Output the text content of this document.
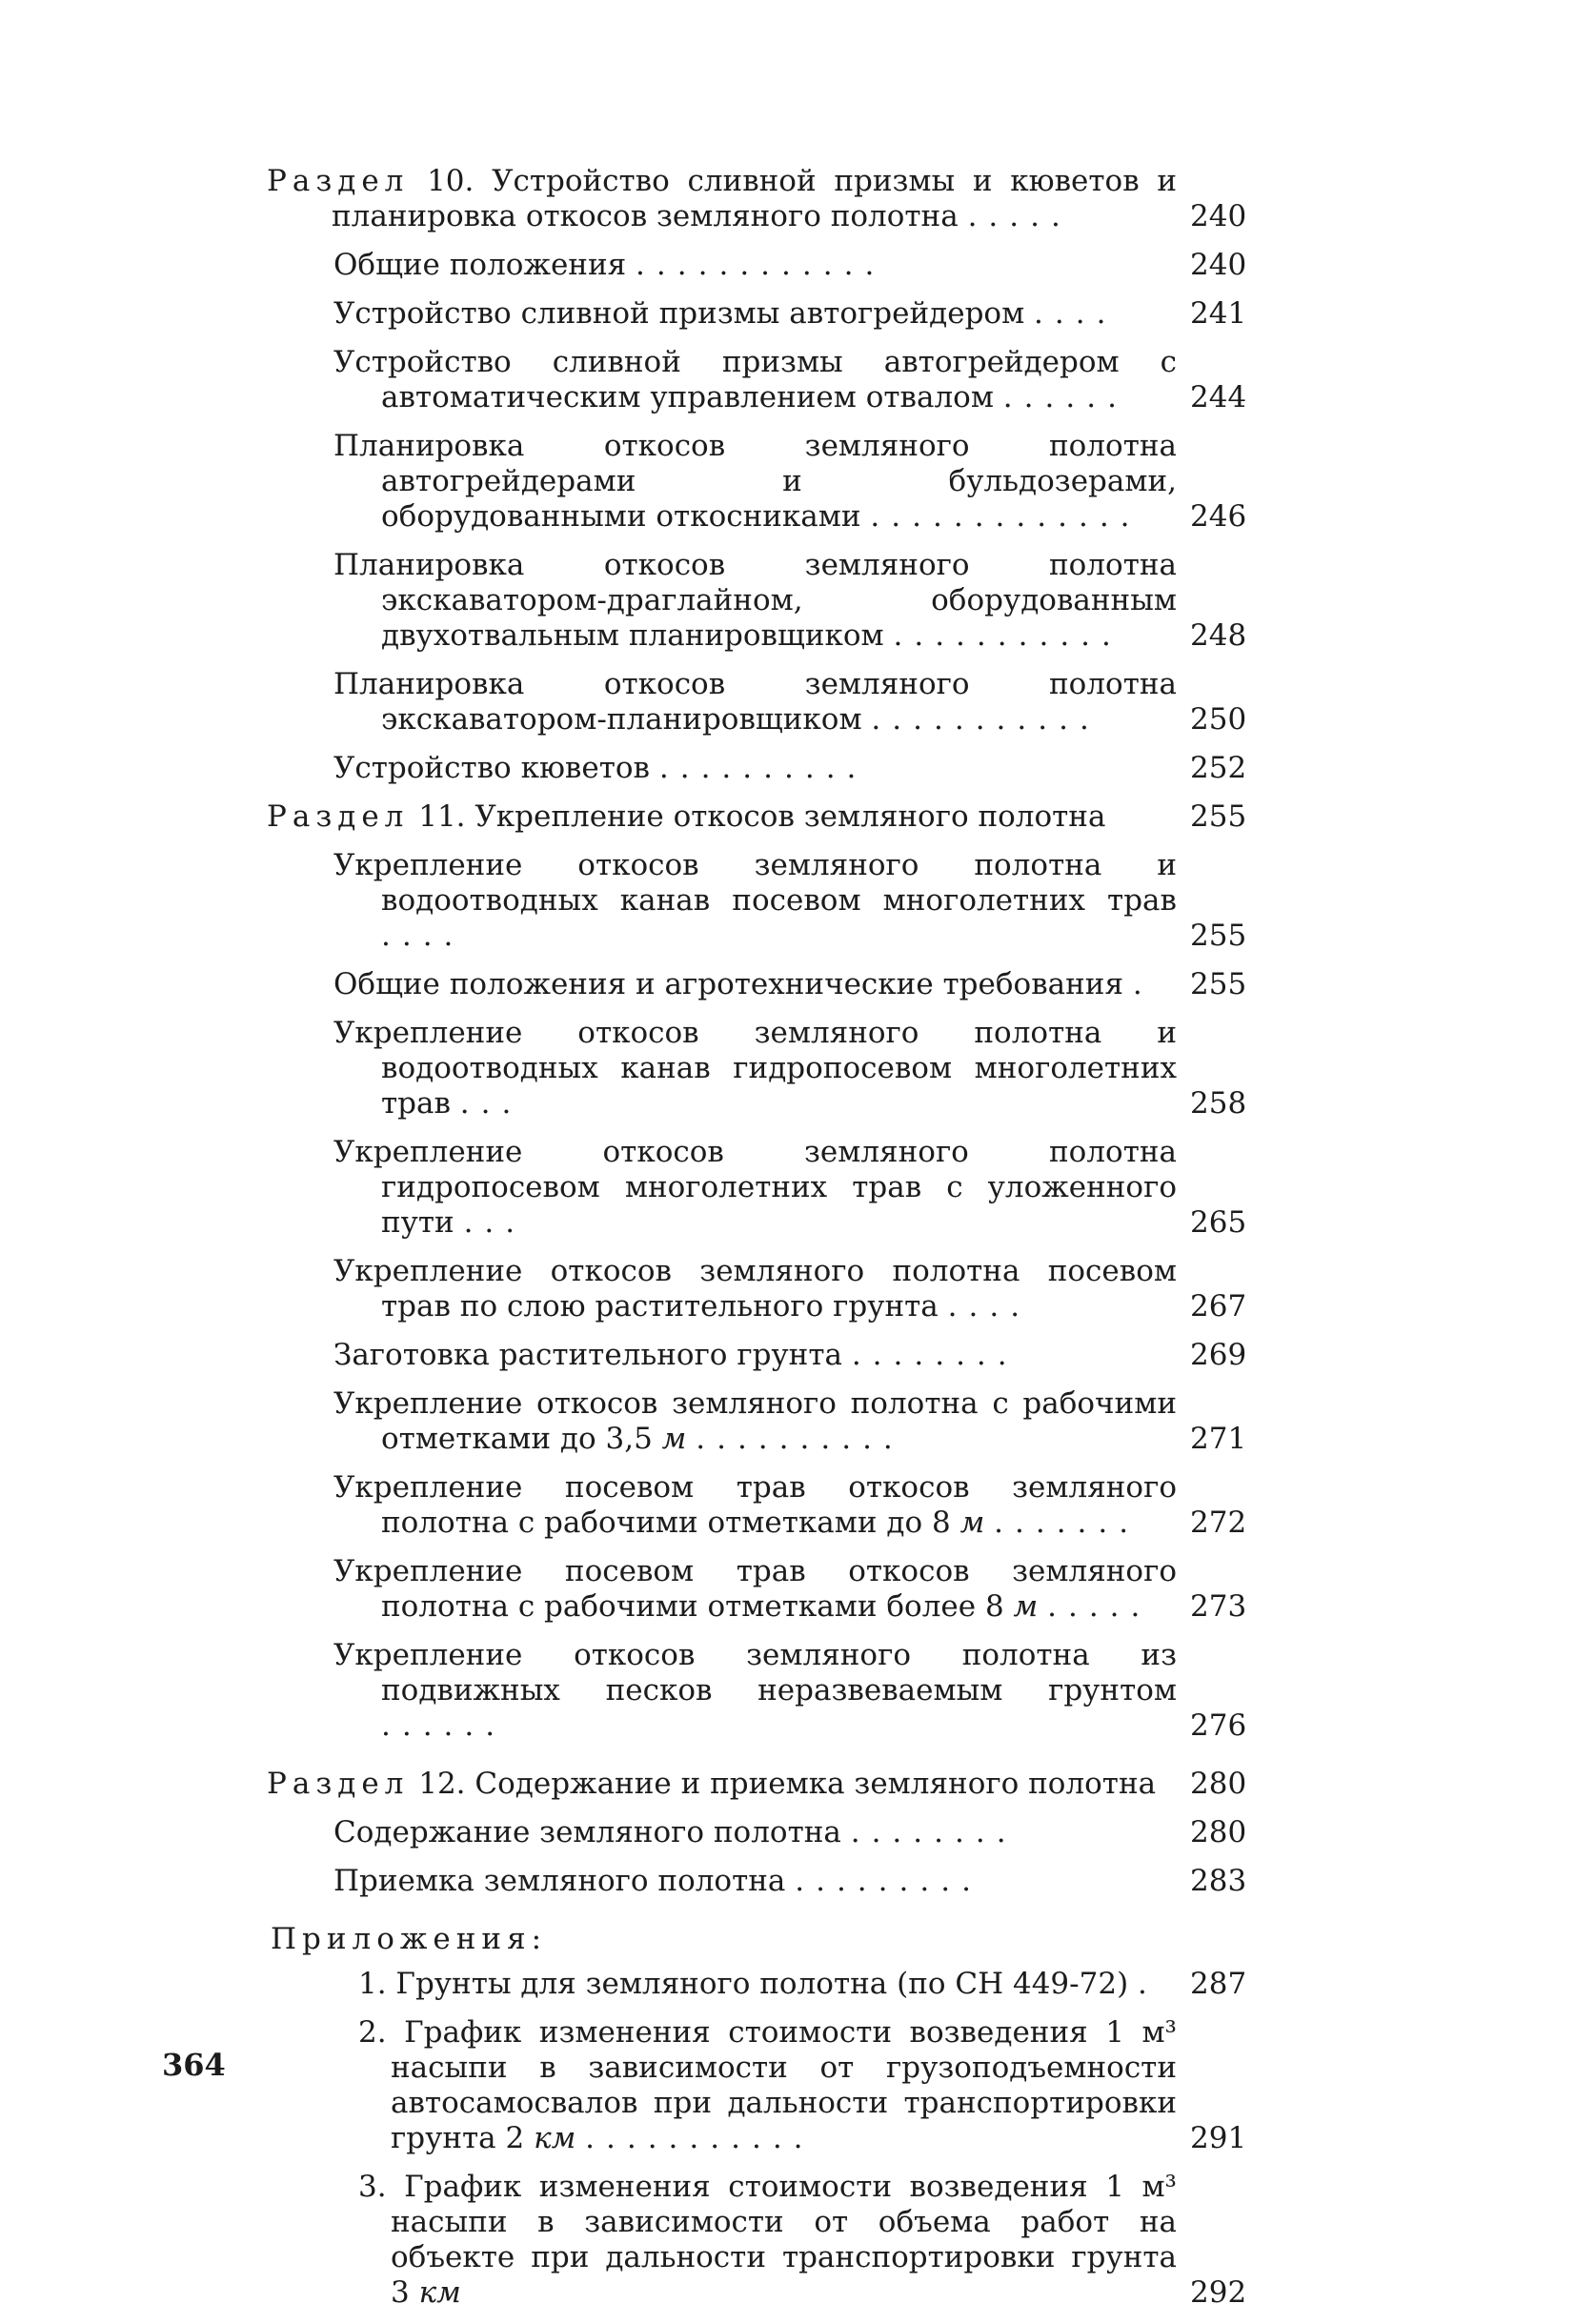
Раздел 10. Устройство сливной призмы и кюветов и планировка откосов земляного полотна .....	240
Общие положения ............	240
Устройство сливной призмы автогрейдером ....	241
Устройство сливной призмы автогрейдером с автоматическим управлением отвалом ......	244
Планировка откосов земляного полотна автогрейдерами и бульдозерами, оборудованными откосниками .............	246
Планировка откосов земляного полотна экскаватором-драглайном, оборудованным двухотвальным планировщиком ...........	248
Планировка откосов земляного полотна экскаватором-планировщиком ...........	250
Устройство кюветов ..........	252
Раздел 11. Укрепление откосов земляного полотна	255
Укрепление откосов земляного полотна и водоотводных канав посевом многолетних трав ....	255
Общие положения и агротехнические требования .	255
Укрепление откосов земляного полотна и водоотводных канав гидропосевом многолетних трав ...	258
Укрепление откосов земляного полотна гидропосевом многолетних трав с уложенного пути ...	265
Укрепление откосов земляного полотна посевом трав по слою растительного грунта ....	267
Заготовка растительного грунта ........	269
Укрепление откосов земляного полотна с рабочими отметками до 3,5 м ..........	271
Укрепление посевом трав откосов земляного полотна с рабочими отметками до 8 м .......	272
Укрепление посевом трав откосов земляного полотна с рабочими отметками более 8 м .....	273
Укрепление откосов земляного полотна из подвижных песков неразвеваемым грунтом ......	276
Раздел 12. Содержание и приемка земляного полотна	280
Содержание земляного полотна ........	280
Приемка земляного полотна .........	283
Приложения:
1. Грунты для земляного полотна (по СН 449-72) .	287
2. График изменения стоимости возведения 1 м³ насыпи в зависимости от грузоподъемности автосамосвалов при дальности транспортировки грунта 2 км ...........	291
3. График изменения стоимости возведения 1 м³ насыпи в зависимости от объема работ на объекте при дальности транспортировки грунта 3 км	292
364
